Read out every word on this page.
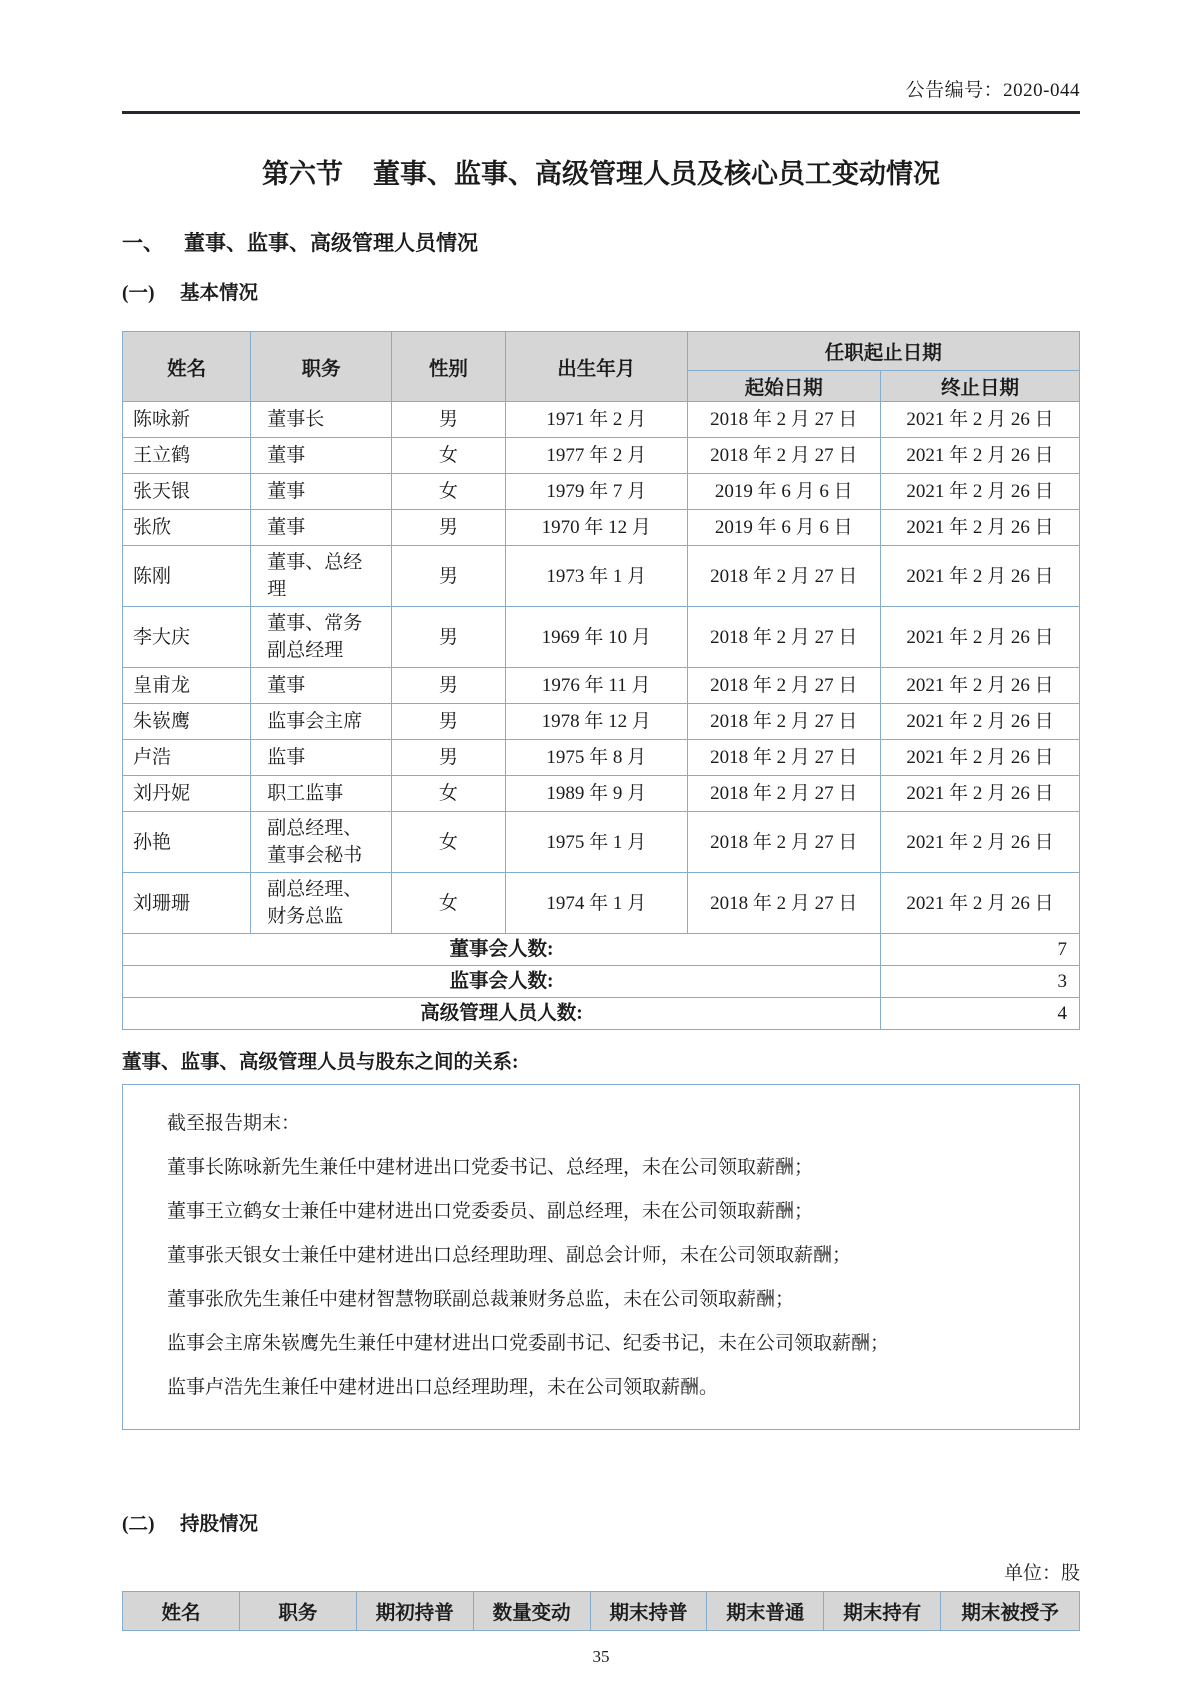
公告编号：2020-044

第六节 董事、监事、高级管理人员及核心员工变动情况
一、 董事、监事、高级管理人员情况
(一) 基本情况
姓名	职务	性别	出生年月	任职起止日期	
				起始日期	终止日期
陈咏新	董事长	男	1971 年 2 月	2018 年 2 月 27 日	2021 年 2 月 26 日
王立鹤	董事	女	1977 年 2 月	2018 年 2 月 27 日	2021 年 2 月 26 日
张天银	董事	女	1979 年 7 月	2019 年 6 月 6 日	2021 年 2 月 26 日
张欣	董事	男	1970 年 12 月	2019 年 6 月 6 日	2021 年 2 月 26 日
陈刚	董事、总经理	男	1973 年 1 月	2018 年 2 月 27 日	2021 年 2 月 26 日
李大庆	董事、常务副总经理	男	1969 年 10 月	2018 年 2 月 27 日	2021 年 2 月 26 日
皇甫龙	董事	男	1976 年 11 月	2018 年 2 月 27 日	2021 年 2 月 26 日
朱嵚鹰	监事会主席	男	1978 年 12 月	2018 年 2 月 27 日	2021 年 2 月 26 日
卢浩	监事	男	1975 年 8 月	2018 年 2 月 27 日	2021 年 2 月 26 日
刘丹妮	职工监事	女	1989 年 9 月	2018 年 2 月 27 日	2021 年 2 月 26 日
孙艳	副总经理、董事会秘书	女	1975 年 1 月	2018 年 2 月 27 日	2021 年 2 月 26 日
刘珊珊	副总经理、财务总监	女	1974 年 1 月	2018 年 2 月 27 日	2021 年 2 月 26 日
董事会人数:					7
监事会人数:					3
高级管理人员人数:					4
董事、监事、高级管理人员与股东之间的关系:

截至报告期末：

董事长陈咏新先生兼任中建材进出口党委书记、总经理，未在公司领取薪酬；

董事王立鹤女士兼任中建材进出口党委委员、副总经理，未在公司领取薪酬；

董事张天银女士兼任中建材进出口总经理助理、副总会计师，未在公司领取薪酬；

董事张欣先生兼任中建材智慧物联副总裁兼财务总监，未在公司领取薪酬；

监事会主席朱嵚鹰先生兼任中建材进出口党委副书记、纪委书记，未在公司领取薪酬；

监事卢浩先生兼任中建材进出口总经理助理，未在公司领取薪酬。

(二) 持股情况
单位：股
姓名	职务	期初持普	数量变动	期末持普	期末普通	期末持有	期末被授予
35
